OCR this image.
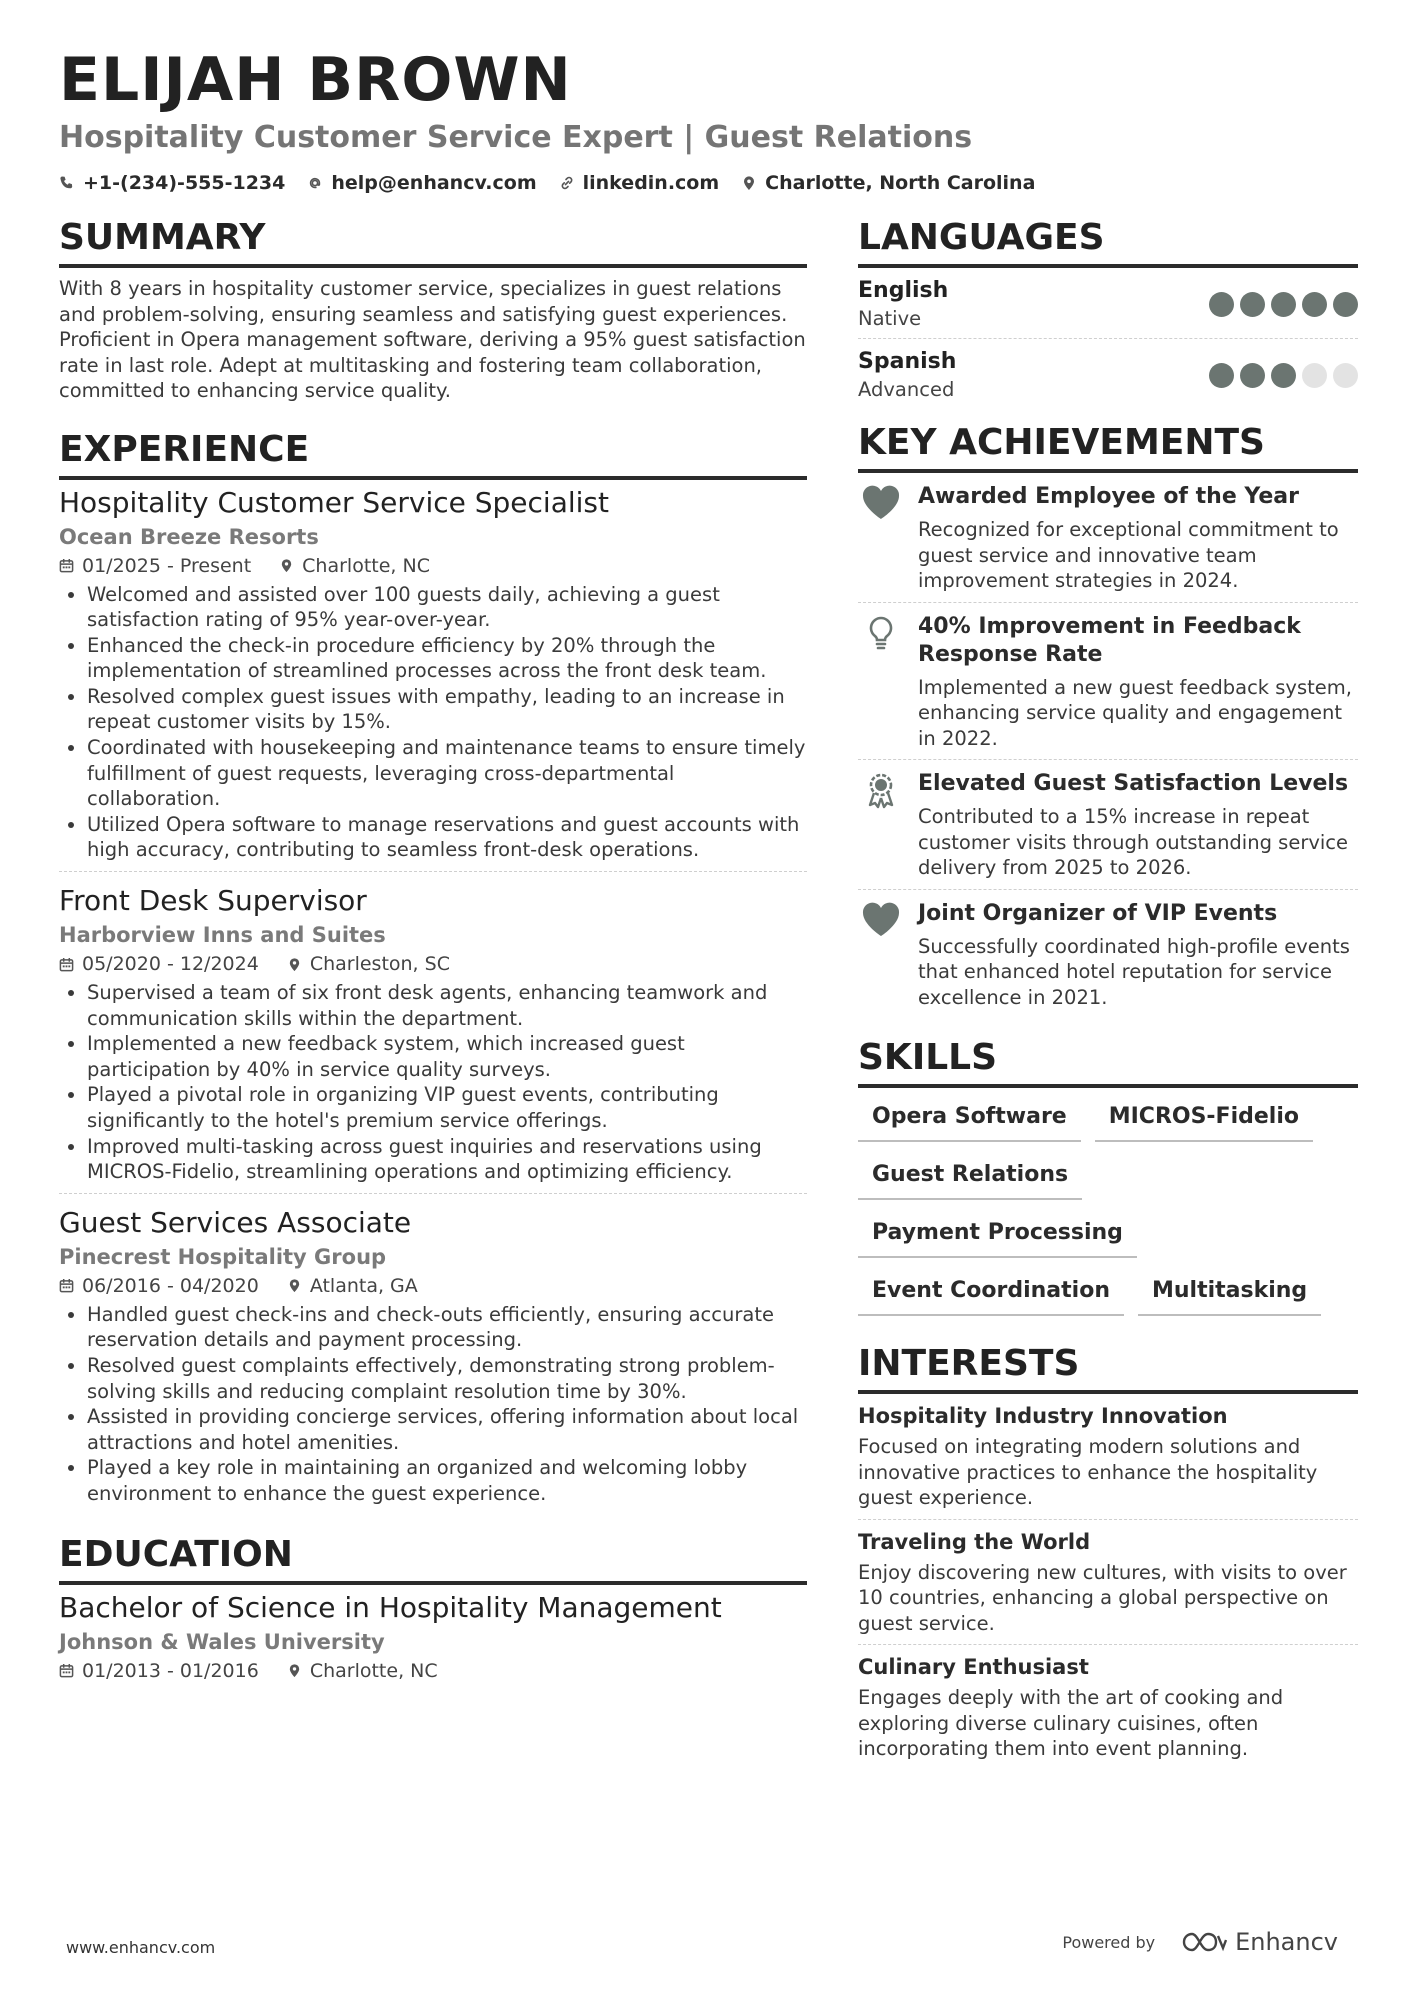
ELIJAH BROWN
Hospitality Customer Service Expert | Guest Relations
+1-(234)-555-1234 help@enhancv.com linkedin.com Charlotte, North Carolina
SUMMARY
With 8 years in hospitality customer service, specializes in guest relations and problem-solving, ensuring seamless and satisfying guest experiences. Proficient in Opera management software, deriving a 95% guest satisfaction rate in last role. Adept at multitasking and fostering team collaboration, committed to enhancing service quality.
EXPERIENCE
Hospitality Customer Service Specialist
Ocean Breeze Resorts
01/2025 - Present	Charlotte, NC
• Welcomed and assisted over 100 guests daily, achieving a guest satisfaction rating of 95% year-over-year.
• Enhanced the check-in procedure efficiency by 20% through the implementation of streamlined processes across the front desk team.
• Resolved complex guest issues with empathy, leading to an increase in repeat customer visits by 15%.
• Coordinated with housekeeping and maintenance teams to ensure timely fulfillment of guest requests, leveraging cross-departmental collaboration.
• Utilized Opera software to manage reservations and guest accounts with high accuracy, contributing to seamless front-desk operations.
Front Desk Supervisor
Harborview Inns and Suites
05/2020 - 12/2024	Charleston, SC
• Supervised a team of six front desk agents, enhancing teamwork and communication skills within the department.
• Implemented a new feedback system, which increased guest participation by 40% in service quality surveys.
• Played a pivotal role in organizing VIP guest events, contributing significantly to the hotel's premium service offerings.
• Improved multi-tasking across guest inquiries and reservations using MICROS-Fidelio, streamlining operations and optimizing efficiency.
Guest Services Associate
Pinecrest Hospitality Group
06/2016 - 04/2020	Atlanta, GA
• Handled guest check-ins and check-outs efficiently, ensuring accurate reservation details and payment processing.
• Resolved guest complaints effectively, demonstrating strong problem-solving skills and reducing complaint resolution time by 30%.
• Assisted in providing concierge services, offering information about local attractions and hotel amenities.
• Played a key role in maintaining an organized and welcoming lobby environment to enhance the guest experience.
EDUCATION
Bachelor of Science in Hospitality Management
Johnson & Wales University
01/2013 - 01/2016	Charlotte, NC
LANGUAGES
English
Native
Spanish
Advanced
KEY ACHIEVEMENTS
Awarded Employee of the Year
Recognized for exceptional commitment to guest service and innovative team improvement strategies in 2024.
40% Improvement in Feedback Response Rate
Implemented a new guest feedback system, enhancing service quality and engagement in 2022.
Elevated Guest Satisfaction Levels
Contributed to a 15% increase in repeat customer visits through outstanding service delivery from 2025 to 2026.
Joint Organizer of VIP Events
Successfully coordinated high-profile events that enhanced hotel reputation for service excellence in 2021.
SKILLS
Opera Software	MICROS-Fidelio
Guest Relations
Payment Processing
Event Coordination	Multitasking
INTERESTS
Hospitality Industry Innovation
Focused on integrating modern solutions and innovative practices to enhance the hospitality guest experience.
Traveling the World
Enjoy discovering new cultures, with visits to over 10 countries, enhancing a global perspective on guest service.
Culinary Enthusiast
Engages deeply with the art of cooking and exploring diverse culinary cuisines, often incorporating them into event planning.
www.enhancv.com	Powered by	Enhancv
